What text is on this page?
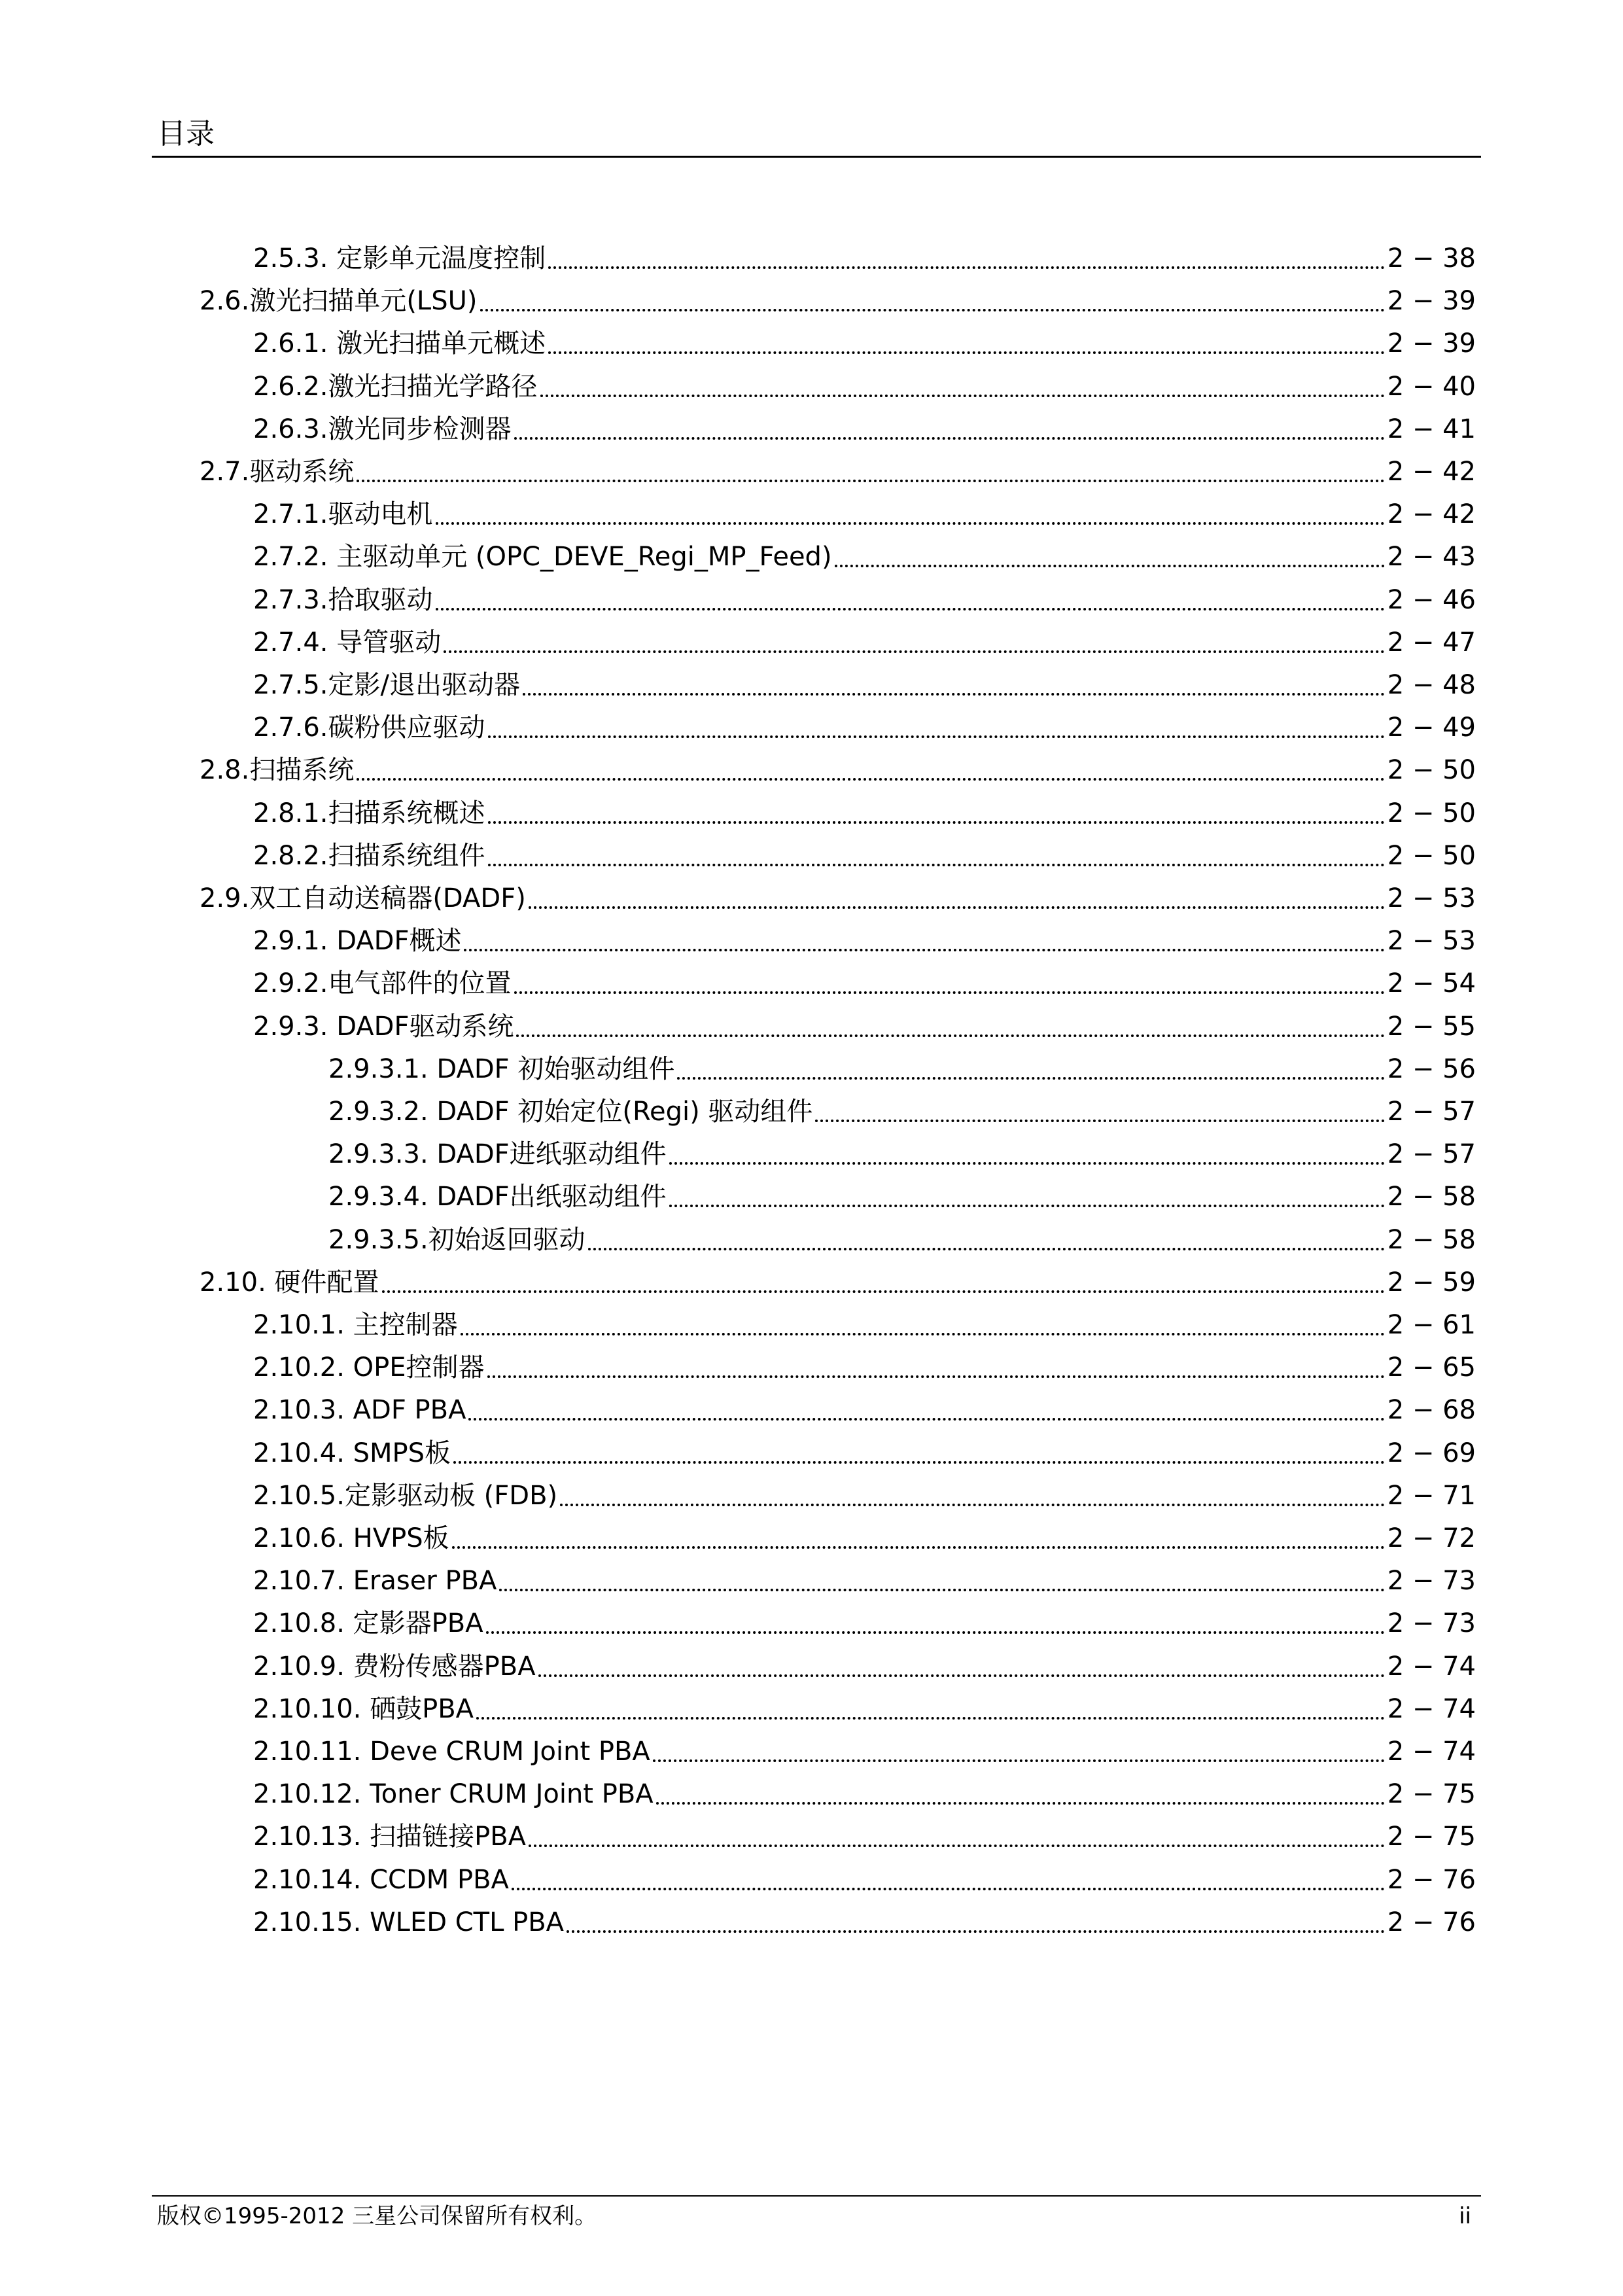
目录
2.5.3. 定影单元温度控制	2 − 38
2.6.激光扫描单元(LSU)	2 − 39
2.6.1. 激光扫描单元概述	2 − 39
2.6.2.激光扫描光学路径	2 − 40
2.6.3.激光同步检测器	2 − 41
2.7.驱动系统	2 − 42
2.7.1.驱动电机	2 − 42
2.7.2. 主驱动单元 (OPC_DEVE_Regi_MP_Feed)	2 − 43
2.7.3.拾取驱动	2 − 46
2.7.4. 导管驱动	2 − 47
2.7.5.定影/退出驱动器	2 − 48
2.7.6.碳粉供应驱动	2 − 49
2.8.扫描系统	2 − 50
2.8.1.扫描系统概述	2 − 50
2.8.2.扫描系统组件	2 − 50
2.9.双工自动送稿器(DADF)	2 − 53
2.9.1. DADF概述	2 − 53
2.9.2.电气部件的位置	2 − 54
2.9.3. DADF驱动系统	2 − 55
2.9.3.1. DADF 初始驱动组件	2 − 56
2.9.3.2. DADF 初始定位(Regi) 驱动组件	2 − 57
2.9.3.3. DADF进纸驱动组件	2 − 57
2.9.3.4. DADF出纸驱动组件	2 − 58
2.9.3.5.初始返回驱动	2 − 58
2.10. 硬件配置	2 − 59
2.10.1. 主控制器	2 − 61
2.10.2. OPE控制器	2 − 65
2.10.3. ADF PBA	2 − 68
2.10.4. SMPS板	2 − 69
2.10.5.定影驱动板 (FDB)	2 − 71
2.10.6. HVPS板	2 − 72
2.10.7. Eraser PBA	2 − 73
2.10.8. 定影器PBA	2 − 73
2.10.9. 费粉传感器PBA	2 − 74
2.10.10. 硒鼓PBA	2 − 74
2.10.11. Deve CRUM Joint PBA	2 − 74
2.10.12. Toner CRUM Joint PBA	2 − 75
2.10.13. 扫描链接PBA	2 − 75
2.10.14. CCDM PBA	2 − 76
2.10.15. WLED CTL PBA	2 − 76
版权©1995-2012 三星公司保留所有权利。	ii
